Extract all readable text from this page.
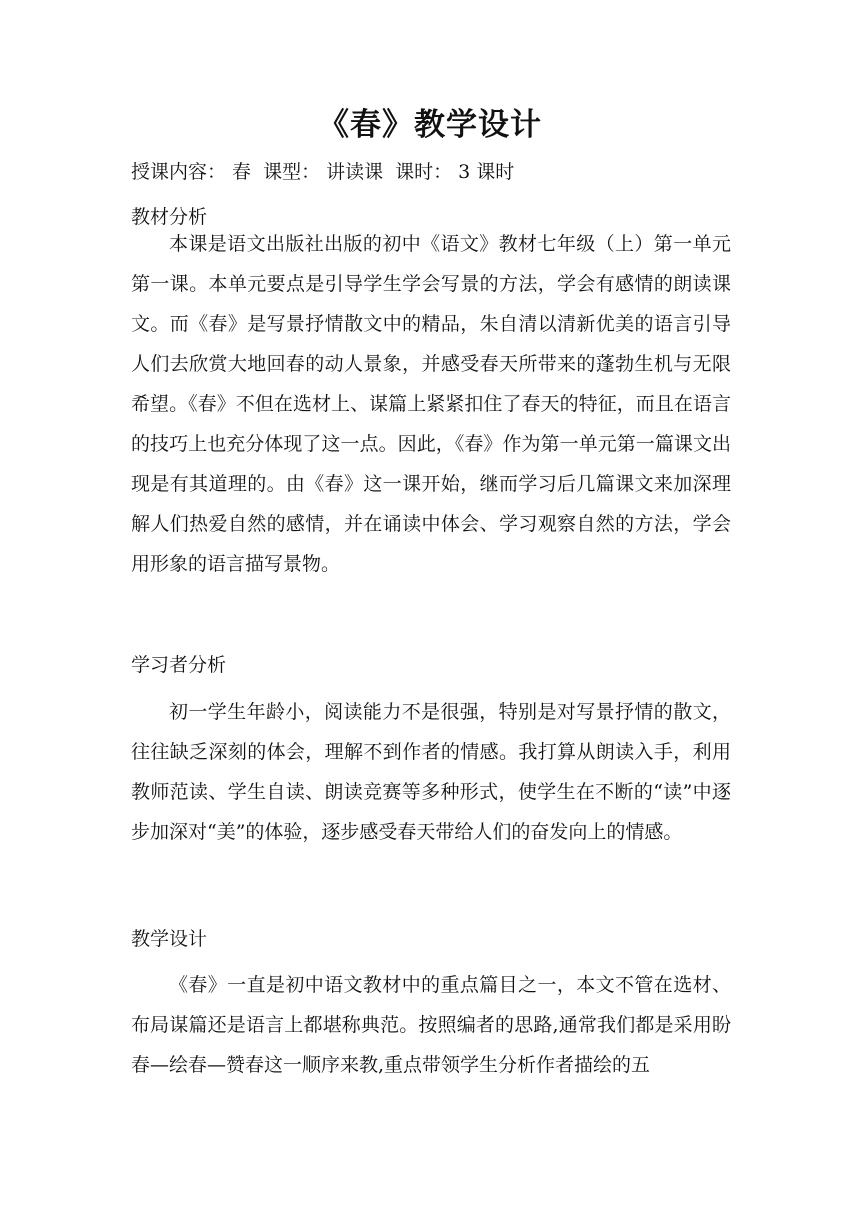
《春》教学设计
授课内容： 春 课型： 讲读课 课时： 3 课时
教材分析

本课是语文出版社出版的初中《语文》教材七年级（上）第一单元第一课。本单元要点是引导学生学会写景的方法，学会有感情的朗读课文。而《春》是写景抒情散文中的精品，朱自清以清新优美的语言引导人们去欣赏大地回春的动人景象，并感受春天所带来的蓬勃生机与无限希望。《春》不但在选材上、谋篇上紧紧扣住了春天的特征，而且在语言的技巧上也充分体现了这一点。因此，《春》作为第一单元第一篇课文出现是有其道理的。由《春》这一课开始，继而学习后几篇课文来加深理解人们热爱自然的感情，并在诵读中体会、学习观察自然的方法，学会用形象的语言描写景物。

学习者分析

初一学生年龄小，阅读能力不是很强，特别是对写景抒情的散文，往往缺乏深刻的体会，理解不到作者的情感。我打算从朗读入手，利用教师范读、学生自读、朗读竞赛等多种形式，使学生在不断的“读”中逐步加深对“美”的体验，逐步感受春天带给人们的奋发向上的情感。

教学设计

《春》一直是初中语文教材中的重点篇目之一，本文不管在选材、布局谋篇还是语言上都堪称典范。按照编者的思路,通常我们都是采用盼春—绘春—赞春这一顺序来教,重点带领学生分析作者描绘的五
